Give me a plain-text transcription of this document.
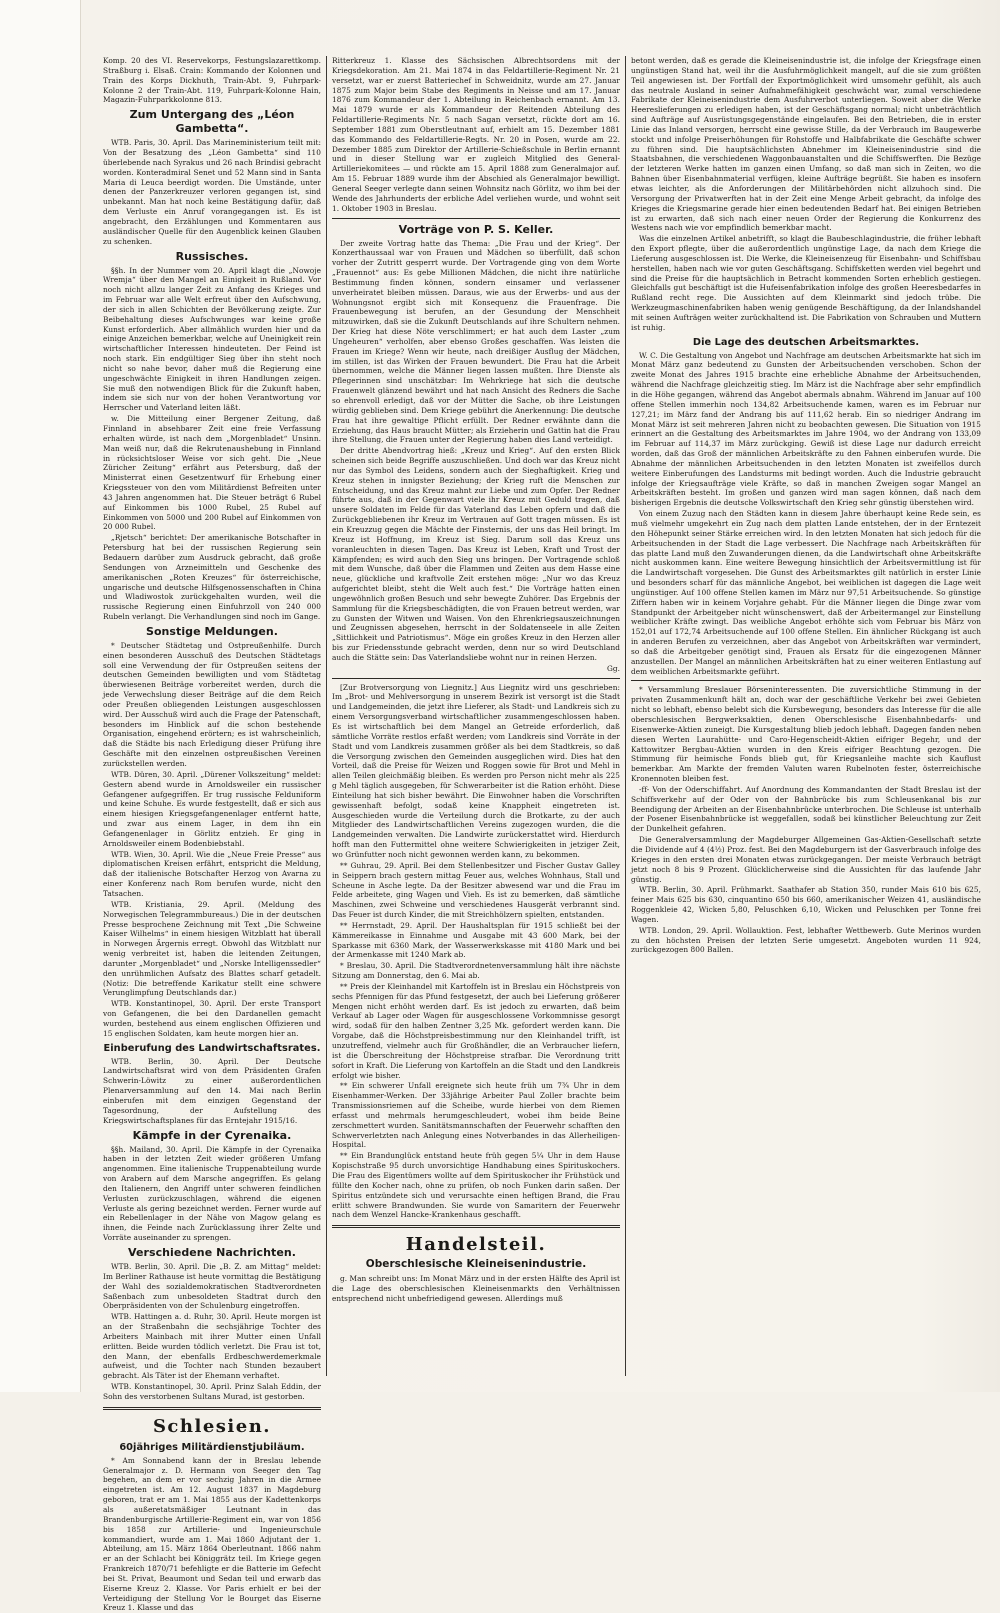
Komp. 20 des VI. Reservekorps, Festungslazarettkomp. Straßburg i. Elsaß. Crain: Kommando der Kolonnen und Train des Korps Dickhuth, Train-Abt. 9, Fuhrpark-Kolonne 2 der Train-Abt. 119, Fuhrpark-Kolonne Hain, Magazin-Fuhrparkkolonne 813.

Zum Untergang des „Léon Gambetta“.

WTB. Paris, 30. April. Das Marineministerium teilt mit: Von der Besatzung des „Léon Gambetta“ sind 110 überlebende nach Syrakus und 26 nach Brindisi gebracht worden. Konteradmiral Senet und 52 Mann sind in Santa Maria di Leuca beerdigt worden. Die Umstände, unter denen der Panzerkreuzer verloren gegangen ist, sind unbekannt. Man hat noch keine Bestätigung dafür, daß dem Verluste ein Anruf vorangegangen ist. Es ist angebracht, den Erzählungen und Kommentaren aus ausländischer Quelle für den Augenblick keinen Glauben zu schenken.

Russisches.

§§h. In der Nummer vom 20. April klagt die „Nowoje Wremja“ über den Mangel an Einigkeit in Rußland. Vor noch nicht allzu langer Zeit zu Anfang des Krieges und im Februar war alle Welt erfreut über den Aufschwung, der sich in allen Schichten der Bevölkerung zeigte. Zur Beibehaltung dieses Aufschwunges war keine große Kunst erforderlich. Aber allmählich wurden hier und da einige Anzeichen bemerkbar, welche auf Uneinigkeit rein wirtschaftlicher Interessen hindeuteten. Der Feind ist noch stark. Ein endgültiger Sieg über ihn steht noch nicht so nahe bevor, daher muß die Regierung eine ungeschwächte Einigkeit in ihren Handlungen zeigen. Sie muß den notwendigen Blick für die Zukunft haben, indem sie sich nur von der hohen Verantwortung vor Herrscher und Vaterland leiten läßt.

w. Die Mitteilung einer Bergener Zeitung, daß Finnland in absehbarer Zeit eine freie Verfassung erhalten würde, ist nach dem „Morgenbladet“ Unsinn. Man weiß nur, daß die Rekrutenaushebung in Finnland in rücksichtsloser Weise vor sich geht. Die „Neue Züricher Zeitung“ erfährt aus Petersburg, daß der Ministerrat einen Gesetzentwurf für Erhebung einer Kriegssteuer von den vom Militärdienst Befreiten unter 43 Jahren angenommen hat. Die Steuer beträgt 6 Rubel auf Einkommen bis 1000 Rubel, 25 Rubel auf Einkommen von 5000 und 200 Rubel auf Einkommen von 20 000 Rubel.

„Rjetsch“ berichtet: Der amerikanische Botschafter in Petersburg hat bei der russischen Regierung sein Bedauern darüber zum Ausdruck gebracht, daß große Sendungen von Arzneimitteln und Geschenke des amerikanischen „Roten Kreuzes“ für österreichische, ungarische und deutsche Hilfsgenossenschaften in China und Wladiwostok zurückgehalten wurden, weil die russische Regierung einen Einfuhrzoll von 240 000 Rubeln verlangt. Die Verhandlungen sind noch im Gange.

Sonstige Meldungen.

* Deutscher Städtetag und Ostpreußenhilfe. Durch einen besonderen Ausschuß des Deutschen Städtetags soll eine Verwendung der für Ostpreußen seitens der deutschen Gemeinden bewilligten und vom Städtetag überwiesenen Beiträge vorbereitet werden, durch die jede Verwechslung dieser Beiträge auf die dem Reich oder Preußen obliegenden Leistungen ausgeschlossen wird. Der Ausschuß wird auch die Frage der Patenschaft, besonders im Hinblick auf die schon bestehende Organisation, eingehend erörtern; es ist wahrscheinlich, daß die Städte bis nach Erledigung dieser Prüfung ihre Geschäfte mit den einzelnen ostpreußischen Vereinen zurückstellen werden.

WTB. Düren, 30. April. „Dürener Volkszeitung“ meldet: Gestern abend wurde in Arnoldsweiler ein russischer Gefangener aufgegriffen. Er trug russische Felduniform und keine Schuhe. Es wurde festgestellt, daß er sich aus einem hiesigen Kriegsgefangenenlager entfernt hatte, und zwar aus einem Lager, in dem ihn ein Gefangenenlager in Görlitz entzieh. Er ging in Arnoldsweiler einem Bodenbiebstahl.

WTB. Wien, 30. April. Wie die „Neue Freie Presse“ aus diplomatischen Kreisen erfährt, entspricht die Meldung, daß der italienische Botschafter Herzog von Avarna zu einer Konferenz nach Rom berufen wurde, nicht den Tatsachen.

WTB. Kristiania, 29. April. (Meldung des Norwegischen Telegrammbureaus.) Die in der deutschen Presse besprochene Zeichnung mit Text „Die Schweine Kaiser Wilhelms“ in einem hiesigen Witzblatt hat überall in Norwegen Ärgernis erregt. Obwohl das Witzblatt nur wenig verbreitet ist, haben die leitenden Zeitungen, darunter „Morgenbladet“ und „Norske Intelligenssedler“ den unrühmlichen Aufsatz des Blattes scharf getadelt. (Notiz: Die betreffende Karikatur stellt eine schwere Verunglimpfung Deutschlands dar.)

WTB. Konstantinopel, 30. April. Der erste Transport von Gefangenen, die bei den Dardanellen gemacht wurden, bestehend aus einem englischen Offizieren und 15 englischen Soldaten, kam heute morgen hier an.

Einberufung des Landwirtschaftsrates.

WTB. Berlin, 30. April. Der Deutsche Landwirtschaftsrat wird von dem Präsidenten Grafen Schwerin-Löwitz zu einer außerordentlichen Plenarversammlung auf den 14. Mai nach Berlin einberufen mit dem einzigen Gegenstand der Tagesordnung, der Aufstellung des Kriegswirtschaftsplanes für das Erntejahr 1915/16.

Kämpfe in der Cyrenaika.

§§h. Mailand, 30. April. Die Kämpfe in der Cyrenaika haben in der letzten Zeit wieder größeren Umfang angenommen. Eine italienische Truppenabteilung wurde von Arabern auf dem Marsche angegriffen. Es gelang den Italienern, den Angriff unter schweren feindlichen Verlusten zurückzuschlagen, während die eigenen Verluste als gering bezeichnet werden. Ferner wurde auf ein Rebellenlager in der Nähe von Magow gelang es ihnen, die Feinde nach Zurücklassung ihrer Zelte und Vorräte auseinander zu sprengen.

Verschiedene Nachrichten.

WTB. Berlin, 30. April. Die „B. Z. am Mittag“ meldet: Im Berliner Rathause ist heute vormittag die Bestätigung der Wahl des sozialdemokratischen Stadtverordneten Saßenbach zum unbesoldeten Stadtrat durch den Oberpräsidenten von der Schulenburg eingetroffen.

WTB. Hattingen a. d. Ruhr, 30. April. Heute morgen ist an der Straßenbahn die sechsjährige Tochter des Arbeiters Mainbach mit ihrer Mutter einen Unfall erlitten. Beide wurden tödlich verletzt. Die Frau ist tot, den Mann, der ebenfalls Erdbeschwerdemerkmale aufweist, und die Tochter nach Stunden bezaubert gebracht. Als Täter ist der Ehemann verhaftet.

WTB. Konstantinopel, 30. April. Prinz Salah Eddin, der Sohn des verstorbenen Sultans Murad, ist gestorben.

Schlesien.
60jähriges Militärdienstjubiläum.

* Am Sonnabend kann der in Breslau lebende Generalmajor z. D. Hermann von Seeger den Tag begehen, an dem er vor sechzig Jahren in die Armee eingetreten ist. Am 12. August 1837 in Magdeburg geboren, trat er am 1. Mai 1855 aus der Kadettenkorps als außeretatsmäßiger Leutnant in das Brandenburgische Artillerie-Regiment ein, war von 1856 bis 1858 zur Artillerie- und Ingenieurschule kommandiert, wurde am 1. Mai 1860 Adjutant der 1. Abteilung, am 15. März 1864 Oberleutnant. 1866 nahm er an der Schlacht bei Königgrätz teil. Im Kriege gegen Frankreich 1870/71 befehligte er die Batterie im Gefecht bei St. Privat, Beaumont und Sedan teil und erwarb das Eiserne Kreuz 2. Klasse. Vor Paris erhielt er bei der Verteidigung der Stellung Vor le Bourget das Eiserne Kreuz 1. Klasse und das

Ritterkreuz 1. Klasse des Sächsischen Albrechtsordens mit der Kriegsdekoration. Am 21. Mai 1874 in das Feldartillerie-Regiment Nr. 21 versetzt, war er zuerst Batteriechef in Schweidnitz, wurde am 27. Januar 1875 zum Major beim Stabe des Regiments in Neisse und am 17. Januar 1876 zum Kommandeur der 1. Abteilung in Reichenbach ernannt. Am 13. Mai 1879 wurde er als Kommandeur der Reitenden Abteilung des Feldartillerie-Regiments Nr. 5 nach Sagan versetzt, rückte dort am 16. September 1881 zum Oberstleutnant auf, erhielt am 15. Dezember 1881 das Kommando des Feldartillerie-Regts. Nr. 20 in Posen, wurde am 22. Dezember 1885 zum Direktor der Artillerie-Schießschule in Berlin ernannt und in dieser Stellung war er zugleich Mitglied des General-Artilleriekomitees — und rückte am 15. April 1888 zum Generalmajor auf. Am 15. Februar 1889 wurde ihm der Abschied als Generalmajor bewilligt. General Seeger verlegte dann seinen Wohnsitz nach Görlitz, wo ihm bei der Wende des Jahrhunderts der erbliche Adel verliehen wurde, und wohnt seit 1. Oktober 1903 in Breslau.

Vorträge von P. S. Keller.

Der zweite Vortrag hatte das Thema: „Die Frau und der Krieg“. Der Konzerthaussaal war von Frauen und Mädchen so überfüllt, daß schon vorher der Zutritt gesperrt wurde. Der Vortragende ging von dem Worte „Frauennot“ aus: Es gebe Millionen Mädchen, die nicht ihre natürliche Bestimmung finden können, sondern einsamer und verlassener unverheiratet bleiben müssen. Daraus, wie aus der Erwerbs- und aus der Wohnungsnot ergibt sich mit Konsequenz die Frauenfrage. Die Frauenbewegung ist berufen, an der Gesundung der Menschheit mitzuwirken, daß sie die Zukunft Deutschlands auf ihre Schultern nehmen. Der Krieg hat diese Nöte verschlimmert; er hat auch dem Laster „zum Ungeheuren“ verholfen, aber ebenso Großes geschaffen. Was leisten die Frauen im Kriege? Wenn wir heute, nach dreißiger Ausflug der Mädchen, im stillen, ist das Wirken der Frauen bewundert. Die Frau hat die Arbeit übernommen, welche die Männer liegen lassen mußten. Ihre Dienste als Pflegerinnen sind unschätzbar: Im Wehrkriege hat sich die deutsche Frauenwelt glänzend bewährt und hat nach Ansicht des Redners die Sache so ehrenvoll erledigt, daß vor der Mütter die Sache, ob ihre Leistungen würdig geblieben sind. Dem Kriege gebührt die Anerkennung: Die deutsche Frau hat ihre gewaltige Pflicht erfüllt. Der Redner erwähnte dann die Erziehung, das Haus braucht Mütter; als Erzieherin und Gattin hat die Frau ihre Stellung, die Frauen unter der Regierung haben dies Land verteidigt.

Der dritte Abendvortrag hieß: „Kreuz und Krieg“. Auf den ersten Blick scheinen sich beide Begriffe auszuschließen. Und doch war das Kreuz nicht nur das Symbol des Leidens, sondern auch der Sieghaftigkeit. Krieg und Kreuz stehen in innigster Beziehung; der Krieg ruft die Menschen zur Entscheidung, und das Kreuz mahnt zur Liebe und zum Opfer. Der Redner führte aus, daß in der Gegenwart viele ihr Kreuz mit Geduld tragen, daß unsere Soldaten im Felde für das Vaterland das Leben opfern und daß die Zurückgebliebenen ihr Kreuz im Vertrauen auf Gott tragen müssen. Es ist ein Kreuzzug gegen die Mächte der Finsternis, der uns das Heil bringt. Im Kreuz ist Hoffnung, im Kreuz ist Sieg. Darum soll das Kreuz uns voranleuchten in diesen Tagen. Das Kreuz ist Leben, Kraft und Trost der Kämpfenden; es wird auch den Sieg uns bringen. Der Vortragende schloß mit dem Wunsche, daß über die Flammen und Zeiten aus dem Hasse eine neue, glückliche und kraftvolle Zeit erstehen möge: „Nur wo das Kreuz aufgerichtet bleibt, steht die Welt auch fest.“ Die Vorträge hatten einen ungewöhnlich großen Besuch und sehr bewegte Zuhörer. Das Ergebnis der Sammlung für die Kriegsbeschädigten, die von Frauen betreut werden, war zu Gunsten der Witwen und Waisen. Von den Ehrenkriegsauszeichnungen und Zeugnissen abgesehen, herrscht in der Soldatenseele in alle Zeiten „Sittlichkeit und Patriotismus“. Möge ein großes Kreuz in den Herzen aller bis zur Friedensstunde gebracht werden, denn nur so wird Deutschland auch die Stätte sein: Das Vaterlandsliebe wohnt nur in reinen Herzen.

Gg.

[Zur Brotversorgung von Liegnitz.] Aus Liegnitz wird uns geschrieben: Im „Brot- und Mehlversorgung in unserem Bezirk ist versorgt ist die Stadt und Landgemeinden, die jetzt ihre Lieferer, als Stadt- und Landkreis sich zu einem Versorgungsverband wirtschaftlicher zusammengeschlossen haben. Es ist wirtschaftlich bei dem Mangel an Getreide erforderlich, daß sämtliche Vorräte restlos erfaßt werden; vom Landkreis sind Vorräte in der Stadt und vom Landkreis zusammen größer als bei dem Stadtkreis, so daß die Versorgung zwischen den Gemeinden ausgeglichen wird. Dies hat den Vorteil, daß die Preise für Weizen und Roggen sowie für Brot und Mehl in allen Teilen gleichmäßig bleiben. Es werden pro Person nicht mehr als 225 g Mehl täglich ausgegeben, für Schwerarbeiter ist die Ration erhöht. Diese Einteilung hat sich bisher bewährt. Die Einwohner haben die Vorschriften gewissenhaft befolgt, sodaß keine Knappheit eingetreten ist. Ausgeschieden wurde die Verteilung durch die Brotkarte, zu der auch Mitglieder des Landwirtschaftlichen Vereins zugezogen wurden, die die Landgemeinden verwalten. Die Landwirte zurückerstattet wird. Hierdurch hofft man den Futtermittel ohne weitere Schwierigkeiten in jetziger Zeit, wo Grünfutter noch nicht gewonnen werden kann, zu bekommen.

** Guhrau, 29. April. Bei dem Stellenbesitzer und Fischer Gustav Galley in Seippern brach gestern mittag Feuer aus, welches Wohnhaus, Stall und Scheune in Asche legte. Da der Besitzer abwesend war und die Frau im Felde arbeitete, ging Wagen und Vieh. Es ist zu bemerken, daß sämtliche Maschinen, zwei Schweine und verschiedenes Hausgerät verbrannt sind. Das Feuer ist durch Kinder, die mit Streichhölzern spielten, entstanden.

** Herrnstadt, 29. April. Der Haushaltsplan für 1915 schließt bei der Kämmereikasse in Einnahme und Ausgabe mit 43 600 Mark, bei der Sparkasse mit 6360 Mark, der Wasserwerkskasse mit 4180 Mark und bei der Armenkasse mit 1240 Mark ab.

* Breslau, 30. April. Die Stadtverordnetenversammlung hält ihre nächste Sitzung am Donnerstag, den 6. Mai ab.

** Preis der Kleinhandel mit Kartoffeln ist in Breslau ein Höchstpreis von sechs Pfennigen für das Pfund festgesetzt, der auch bei Lieferung größerer Mengen nicht erhöht werden darf. Es ist jedoch zu erwarten, daß beim Verkauf ab Lager oder Wagen für ausgeschlossene Vorkommnisse gesorgt wird, sodaß für den halben Zentner 3,25 Mk. gefordert werden kann. Die Vorgabe, daß die Höchstpreisbestimmung nur den Kleinhandel trifft, ist unzutreffend, vielmehr auch für Großhändler, die an Verbraucher liefern, ist die Überschreitung der Höchstpreise strafbar. Die Verordnung tritt sofort in Kraft. Die Lieferung von Kartoffeln an die Stadt und den Landkreis erfolgt wie bisher.

** Ein schwerer Unfall ereignete sich heute früh um 7¾ Uhr in dem Eisenhammer-Werken. Der 33jährige Arbeiter Paul Zoller brachte beim Transmissionsriemen auf die Scheibe, wurde hierbei von dem Riemen erfasst und mehrmals herumgeschleudert, wobei ihm beide Beine zerschmettert wurden. Sanitätsmannschaften der Feuerwehr schafften den Schwerverletzten nach Anlegung eines Notverbandes in das Allerheiligen-Hospital.

** Ein Brandunglück entstand heute früh gegen 5¼ Uhr in dem Hause Kopischstraße 95 durch unvorsichtige Handhabung eines Spirituskochers. Die Frau des Eigentümers wollte auf dem Spirituskocher ihr Frühstück und füllte den Kocher nach, ohne zu prüfen, ob noch Funken darin saßen. Der Spiritus entzündete sich und verursachte einen heftigen Brand, die Frau erlitt schwere Brandwunden. Sie wurde von Samaritern der Feuerwehr nach dem Wenzel Hancke-Krankenhaus geschafft.

Handelsteil.
Oberschlesische Kleineisenindustrie.

g. Man schreibt uns: Im Monat März und in der ersten Hälfte des April ist die Lage des oberschlesischen Kleineisenmarkts den Verhältnissen entsprechend nicht unbefriedigend gewesen. Allerdings muß

betont werden, daß es gerade die Kleineisenindustrie ist, die infolge der Kriegsfrage einen ungünstigen Stand hat, weil ihr die Ausfuhrmöglichkeit mangelt, auf die sie zum größten Teil angewiesen ist. Der Fortfall der Exportmöglichkeit wird umsomehr gefühlt, als auch das neutrale Ausland in seiner Aufnahmefähigkeit geschwächt war, zumal verschiedene Fabrikate der Kleineisenindustrie dem Ausfuhrverbot unterliegen. Soweit aber die Werke Heereslieferungen zu erledigen haben, ist der Geschäftsgang normal; nicht unbeträchtlich sind Aufträge auf Ausrüstungsgegenstände eingelaufen. Bei den Betrieben, die in erster Linie das Inland versorgen, herrscht eine gewisse Stille, da der Verbrauch im Baugewerbe stockt und infolge Preiserhöhungen für Rohstoffe und Halbfabrikate die Geschäfte schwer zu führen sind. Die hauptsächlichsten Abnehmer im Kleineisenindustrie sind die Staatsbahnen, die verschiedenen Waggonbauanstalten und die Schiffswerften. Die Bezüge der letzteren Werke hatten im ganzen einen Umfang, so daß man sich in Zeiten, wo die Bahnen über Eisenbahnmaterial verfügen, kleine Aufträge begrüßt. Sie haben es insofern etwas leichter, als die Anforderungen der Militärbehörden nicht allzuhoch sind. Die Versorgung der Privatwerften hat in der Zeit eine Menge Arbeit gebracht, da infolge des Krieges die Kriegsmarine gerade hier einen bedeutenden Bedarf hat. Bei einigen Betrieben ist zu erwarten, daß sich nach einer neuen Order der Regierung die Konkurrenz des Westens nach wie vor empfindlich bemerkbar macht.

Was die einzelnen Artikel anbetrifft, so klagt die Baubeschlagindustrie, die früher lebhaft den Export pflegte, über die außerordentlich ungünstige Lage, da nach dem Kriege die Lieferung ausgeschlossen ist. Die Werke, die Kleineisenzeug für Eisenbahn- und Schiffsbau herstellen, haben nach wie vor guten Geschäftsgang. Schiffsketten werden viel begehrt und sind die Preise für die hauptsächlich in Betracht kommenden Sorten erheblich gestiegen. Gleichfalls gut beschäftigt ist die Hufeisenfabrikation infolge des großen Heeresbedarfes in Rußland recht rege. Die Aussichten auf dem Kleinmarkt sind jedoch trübe. Die Werkzeugmaschinenfabriken haben wenig genügende Beschäftigung, da der Inlandshandel mit seinen Aufträgen weiter zurückhaltend ist. Die Fabrikation von Schrauben und Muttern ist ruhig.

Die Lage des deutschen Arbeitsmarktes.

W. C. Die Gestaltung von Angebot und Nachfrage am deutschen Arbeitsmarkte hat sich im Monat März ganz bedeutend zu Gunsten der Arbeitsuchenden verschoben. Schon der zweite Monat des Jahres 1915 brachte eine erhebliche Abnahme der Arbeitsuchenden, während die Nachfrage gleichzeitig stieg. Im März ist die Nachfrage aber sehr empfindlich in die Höhe gegangen, während das Angebot abermals abnahm. Während im Januar auf 100 offene Stellen immerhin noch 134,82 Arbeitsuchende kamen, waren es im Februar nur 127,21; im März fand der Andrang bis auf 111,62 herab. Ein so niedriger Andrang im Monat März ist seit mehreren Jahren nicht zu beobachten gewesen. Die Situation von 1915 erinnert an die Gestaltung des Arbeitsmarktes im Jahre 1904, wo der Andrang von 133,09 im Februar auf 114,37 im März zurückging. Gewiß ist diese Lage nur dadurch erreicht worden, daß das Groß der männlichen Arbeitskräfte zu den Fahnen einberufen wurde. Die Abnahme der männlichen Arbeitsuchenden in den letzten Monaten ist zweifellos durch weitere Einberufungen des Landsturms mit bedingt worden. Auch die Industrie gebraucht infolge der Kriegsaufträge viele Kräfte, so daß in manchen Zweigen sogar Mangel an Arbeitskräften besteht. Im großen und ganzen wird man sagen können, daß nach dem bisherigen Ergebnis die deutsche Volkswirtschaft den Krieg sehr günstig überstehen wird.

Von einem Zuzug nach den Städten kann in diesem Jahre überhaupt keine Rede sein, es muß vielmehr umgekehrt ein Zug nach dem platten Lande entstehen, der in der Erntezeit den Höhepunkt seiner Stärke erreichen wird. In den letzten Monaten hat sich jedoch für die Arbeitsuchenden in der Stadt die Lage verbessert. Die Nachfrage nach Arbeitskräften für das platte Land muß den Zuwanderungen dienen, da die Landwirtschaft ohne Arbeitskräfte nicht auskommen kann. Eine weitere Bewegung hinsichtlich der Arbeitsvermittlung ist für die Landwirtschaft vorgesehen. Die Gunst des Arbeitsmarktes gilt natürlich in erster Linie und besonders scharf für das männliche Angebot, bei weiblichen ist dagegen die Lage weit ungünstiger. Auf 100 offene Stellen kamen im März nur 97,51 Arbeitsuchende. So günstige Ziffern haben wir in keinem Vorjahre gehabt. Für die Männer liegen die Dinge zwar vom Standpunkt der Arbeitgeber nicht wünschenswert, daß der Arbeitermangel zur Einstellung weiblicher Kräfte zwingt. Das weibliche Angebot erhöhte sich vom Februar bis März von 152,01 auf 172,74 Arbeitsuchende auf 100 offene Stellen. Ein ähnlicher Rückgang ist auch in anderen Berufen zu verzeichnen, aber das Angebot von Arbeitskräften war vermindert, so daß die Arbeitgeber genötigt sind, Frauen als Ersatz für die eingezogenen Männer anzustellen. Der Mangel an männlichen Arbeitskräften hat zu einer weiteren Entlastung auf dem weiblichen Arbeitsmarkte geführt.

* Versammlung Breslauer Börseninteressenten. Die zuversichtliche Stimmung in der privaten Zusammenkunft hält an, doch war der geschäftliche Verkehr bei zwei Gebieten nicht so lebhaft, ebenso belebt sich die Kursbewegung, besonders das Interesse für die alle oberschlesischen Bergwerksaktien, denen Oberschlesische Eisenbahnbedarfs- und Eisenwerke-Aktien zuneigt. Die Kursgestaltung blieb jedoch lebhaft. Dagegen fanden neben diesen Werten Laurahütte- und Caro-Hegenscheidt-Aktien eifriger Begehr, und der Kattowitzer Bergbau-Aktien wurden in den Kreis eifriger Beachtung gezogen. Die Stimmung für heimische Fonds blieb gut, für Kriegsanleihe machte sich Kauflust bemerkbar. Am Markte der fremden Valuten waren Rubelnoten fester, österreichische Kronennoten bleiben fest.

-ff- Von der Oderschiffahrt. Auf Anordnung des Kommandanten der Stadt Breslau ist der Schiffsverkehr auf der Oder von der Bahnbrücke bis zum Schleusenkanal bis zur Beendigung der Arbeiten an der Eisenbahnbrücke unterbrochen. Die Schleuse ist unterhalb der Posener Eisenbahnbrücke ist weggefallen, sodaß bei künstlicher Beleuchtung zur Zeit der Dunkelheit gefahren.

Die Generalversammlung der Magdeburger Allgemeinen Gas-Aktien-Gesellschaft setzte die Dividende auf 4 (4½) Proz. fest. Bei den Magdeburgern ist der Gasverbrauch infolge des Krieges in den ersten drei Monaten etwas zurückgegangen. Der meiste Verbrauch beträgt jetzt noch 8 bis 9 Prozent. Glücklicherweise sind die Aussichten für das laufende Jahr günstig.

WTB. Berlin, 30. April. Frühmarkt. Saathafer ab Station 350, runder Mais 610 bis 625, feiner Mais 625 bis 630, cinquantino 650 bis 660, amerikanischer Weizen 41, ausländische Roggenkleie 42, Wicken 5,80, Peluschken 6,10, Wicken und Peluschken per Tonne frei Wagen.

WTB. London, 29. April. Wollauktion. Fest, lebhafter Wettbewerb. Gute Merinos wurden zu den höchsten Preisen der letzten Serie umgesetzt. Angeboten wurden 11 924, zurückgezogen 800 Ballen.
